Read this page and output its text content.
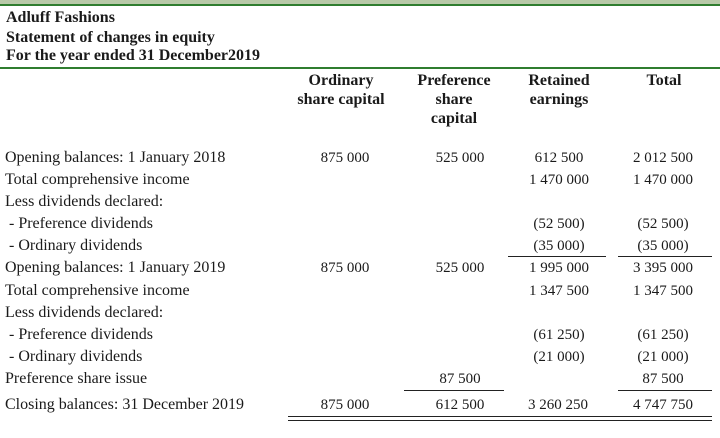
Adluff Fashions
Statement of changes in equity
For the year ended 31 December2019
Ordinary
share capital
Preference
share
capital
Retained
earnings
Total
Opening balances: 1 January 2018
Total comprehensive income
Less dividends declared:
- Preference dividends
- Ordinary dividends
Opening balances: 1 January 2019
Total comprehensive income
Less dividends declared:
- Preference dividends
- Ordinary dividends
Preference share issue
Closing balances: 31 December 2019
875 000
875 000
875 000
525 000
525 000
87 500
612 500
612 500
1 470 000
(52 500)
(35 000)
1 995 000
1 347 500
(61 250)
(21 000)
3 260 250
2 012 500
1 470 000
(52 500)
(35 000)
3 395 000
1 347 500
(61 250)
(21 000)
87 500
4 747 750
